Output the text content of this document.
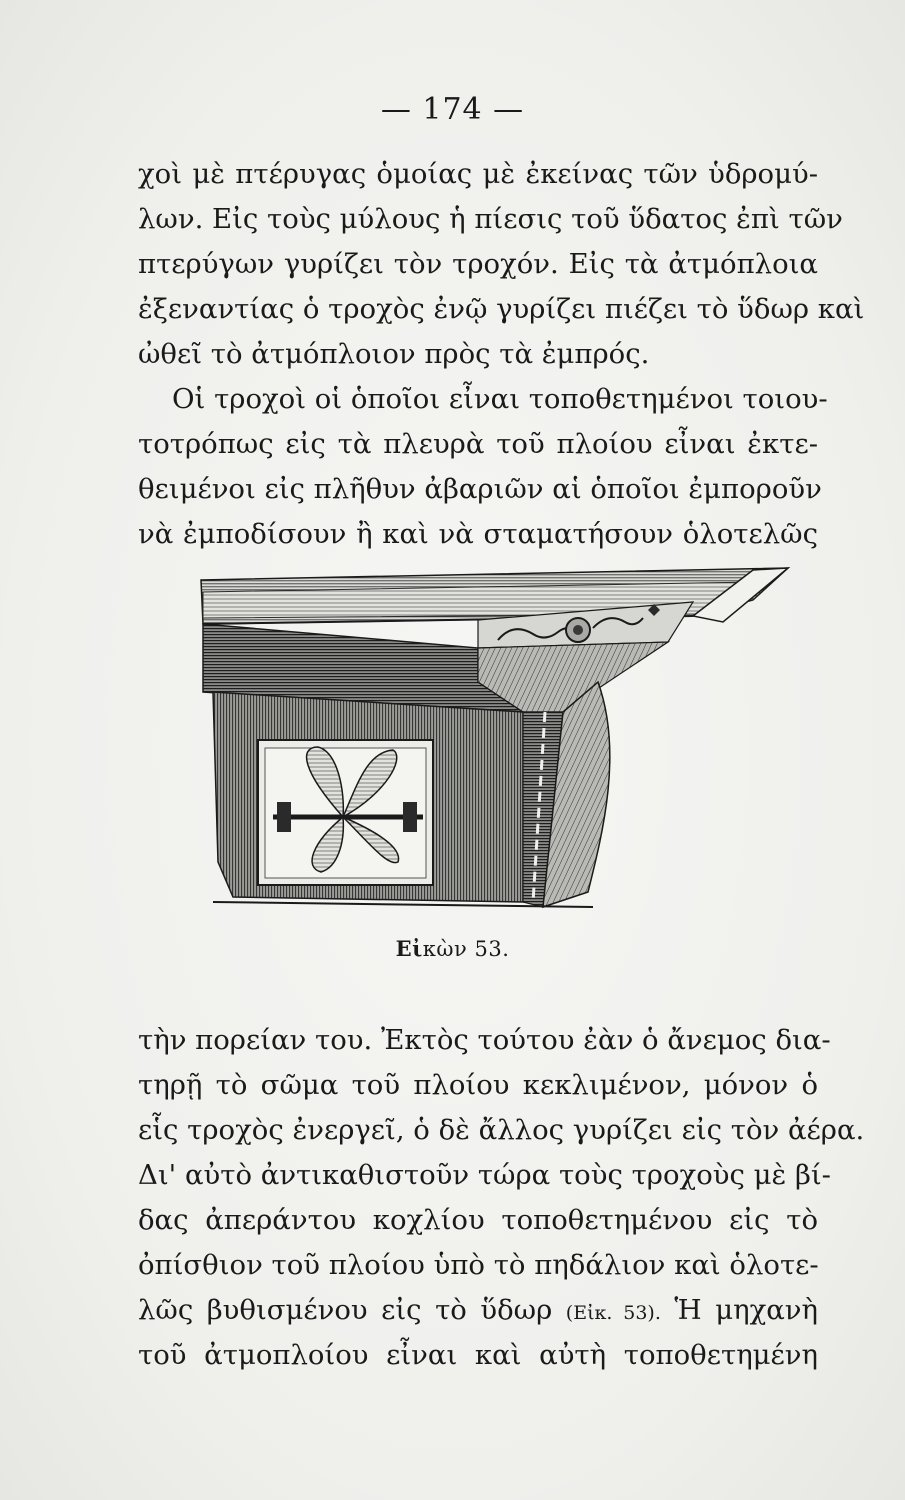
— 174 —
χοὶ μὲ πτέρυγας ὁμοίας μὲ ἐκείνας τῶν ὑδρομύ-
λων. Εἰς τοὺς μύλους ἡ πίεσις τοῦ ὕδατος ἐπὶ τῶν
πτερύγων γυρίζει τὸν τροχόν. Εἰς τὰ ἀτμόπλοια
ἐξεναντίας ὁ τροχὸς ἐνῷ γυρίζει πιέζει τὸ ὕδωρ καὶ
ὠθεῖ τὸ ἀτμόπλοιον πρὸς τὰ ἐμπρός.
Οἱ τροχοὶ οἱ ὁποῖοι εἶναι τοποθετημένοι τοιου-
τοτρόπως εἰς τὰ πλευρὰ τοῦ πλοίου εἶναι ἐκτε-
θειμένοι εἰς πλῆθυν ἀβαριῶν αἱ ὁποῖοι ἐμποροῦν
νὰ ἐμποδίσουν ἢ καὶ νὰ σταματήσουν ὁλοτελῶς
Εἰκὼν 53.
τὴν πορείαν του. Ἐκτὸς τούτου ἐὰν ὁ ἄνεμος δια-
τηρῇ τὸ σῶμα τοῦ πλοίου κεκλιμένον, μόνον ὁ
εἷς τροχὸς ἐνεργεῖ, ὁ δὲ ἄλλος γυρίζει εἰς τὸν ἀέρα.
Δι' αὐτὸ ἀντικαθιστοῦν τώρα τοὺς τροχοὺς μὲ βί-
δας ἀπεράντου κοχλίου τοποθετημένου εἰς τὸ
ὀπίσθιον τοῦ πλοίου ὑπὸ τὸ πηδάλιον καὶ ὁλοτε-
λῶς βυθισμένου εἰς τὸ ὕδωρ (Εἰκ. 53). Ἡ μηχανὴ
τοῦ ἀτμοπλοίου εἶναι καὶ αὐτὴ τοποθετημένη
